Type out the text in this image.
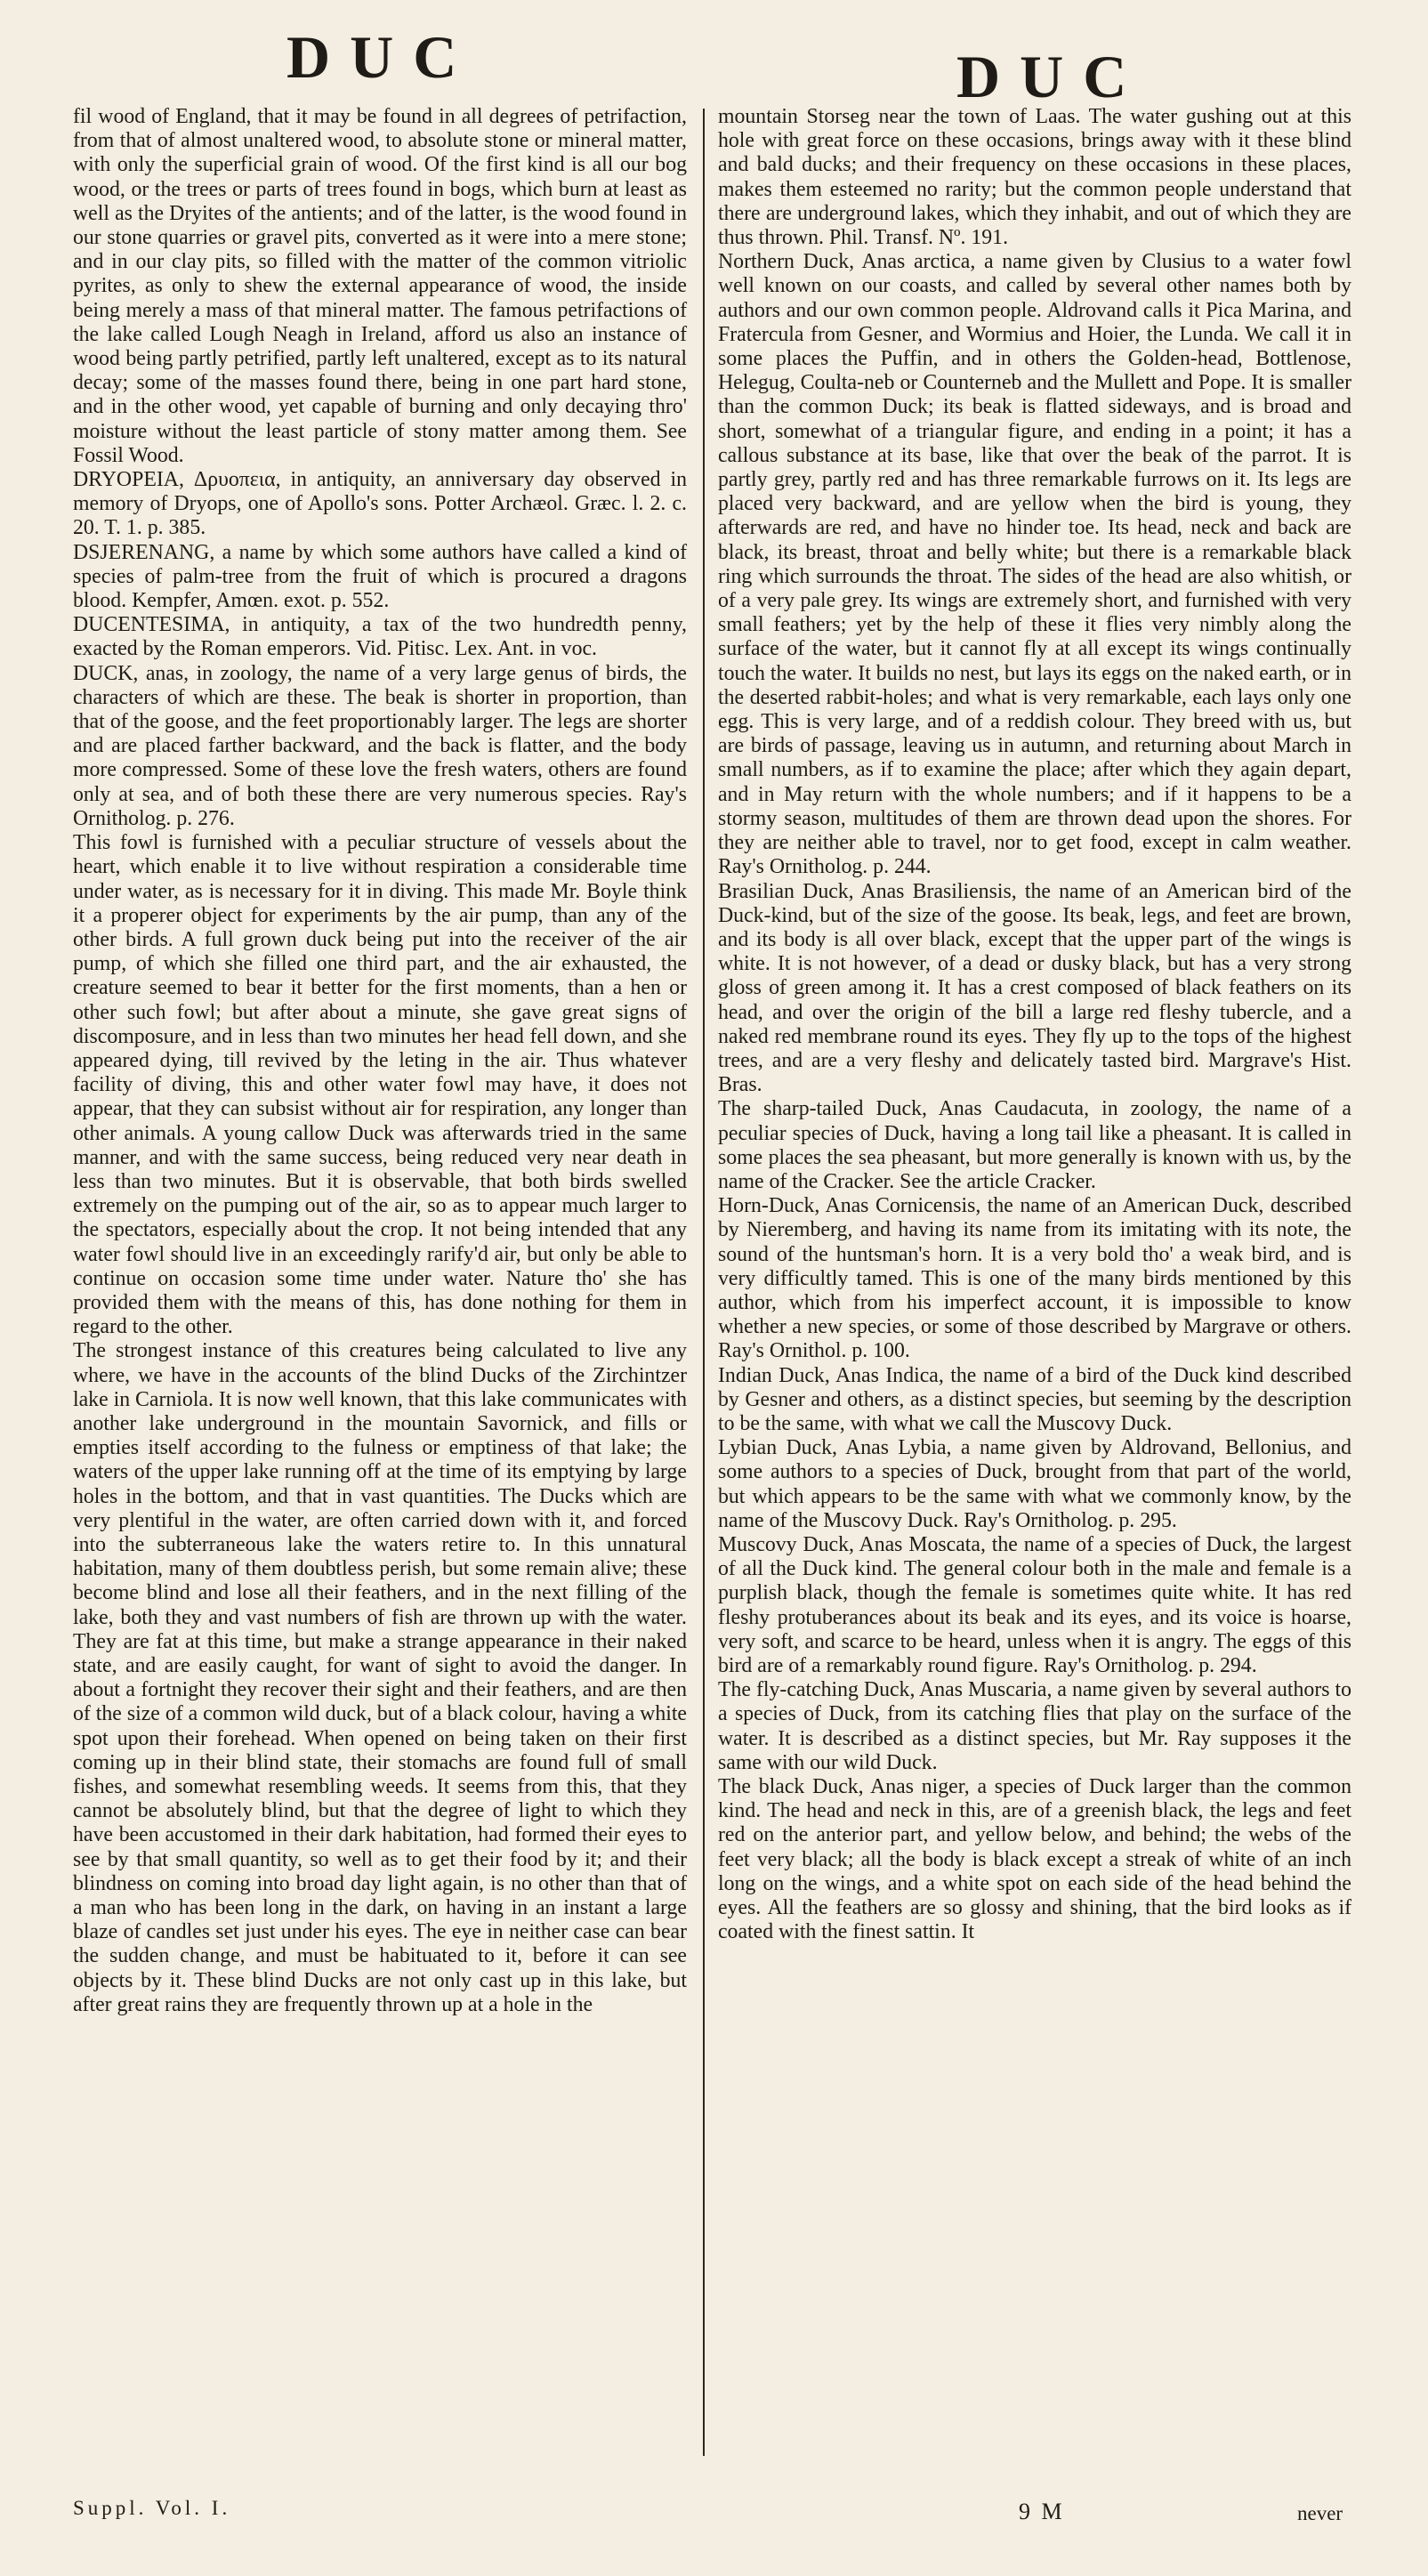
DUC	DUC

fil wood of England, that it may be found in all degrees of petrifaction, from that of almost unaltered wood, to absolute stone or mineral matter, with only the superficial grain of wood. Of the first kind is all our bog wood, or the trees or parts of trees found in bogs, which burn at least as well as the Dryites of the antients; and of the latter, is the wood found in our stone quarries or gravel pits, converted as it were into a mere stone; and in our clay pits, so filled with the matter of the common vitriolic pyrites, as only to shew the external appearance of wood, the inside being merely a mass of that mineral matter. The famous petrifactions of the lake called Lough Neagh in Ireland, afford us also an instance of wood being partly petrified, partly left unaltered, except as to its natural decay; some of the masses found there, being in one part hard stone, and in the other wood, yet capable of burning and only decaying thro' moisture without the least particle of stony matter among them. See Fossil Wood.

DRYOPEIA, Δρυοπεια, in antiquity, an anniversary day observed in memory of Dryops, one of Apollo's sons. Potter Archæol. Græc. l. 2. c. 20. T. 1. p. 385.

DSJERENANG, a name by which some authors have called a kind of species of palm-tree from the fruit of which is procured a dragons blood. Kempfer, Amœn. exot. p. 552.

DUCENTESIMA, in antiquity, a tax of the two hundredth penny, exacted by the Roman emperors. Vid. Pitisc. Lex. Ant. in voc.

DUCK, anas, in zoology, the name of a very large genus of birds, the characters of which are these. The beak is shorter in proportion, than that of the goose, and the feet proportionably larger. The legs are shorter and are placed farther backward, and the back is flatter, and the body more compressed. Some of these love the fresh waters, others are found only at sea, and of both these there are very numerous species. Ray's Ornitholog. p. 276.

This fowl is furnished with a peculiar structure of vessels about the heart, which enable it to live without respiration a considerable time under water, as is necessary for it in diving. This made Mr. Boyle think it a properer object for experiments by the air pump, than any of the other birds. A full grown duck being put into the receiver of the air pump, of which she filled one third part, and the air exhausted, the creature seemed to bear it better for the first moments, than a hen or other such fowl; but after about a minute, she gave great signs of discomposure, and in less than two minutes her head fell down, and she appeared dying, till revived by the leting in the air. Thus whatever facility of diving, this and other water fowl may have, it does not appear, that they can subsist without air for respiration, any longer than other animals. A young callow Duck was afterwards tried in the same manner, and with the same success, being reduced very near death in less than two minutes. But it is observable, that both birds swelled extremely on the pumping out of the air, so as to appear much larger to the spectators, especially about the crop. It not being intended that any water fowl should live in an exceedingly rarify'd air, but only be able to continue on occasion some time under water. Nature tho' she has provided them with the means of this, has done nothing for them in regard to the other.

The strongest instance of this creatures being calculated to live any where, we have in the accounts of the blind Ducks of the Zirchintzer lake in Carniola. It is now well known, that this lake communicates with another lake underground in the mountain Savornick, and fills or empties itself according to the fulness or emptiness of that lake; the waters of the upper lake running off at the time of its emptying by large holes in the bottom, and that in vast quantities. The Ducks which are very plentiful in the water, are often carried down with it, and forced into the subterraneous lake the waters retire to. In this unnatural habitation, many of them doubtless perish, but some remain alive; these become blind and lose all their feathers, and in the next filling of the lake, both they and vast numbers of fish are thrown up with the water. They are fat at this time, but make a strange appearance in their naked state, and are easily caught, for want of sight to avoid the danger. In about a fortnight they recover their sight and their feathers, and are then of the size of a common wild duck, but of a black colour, having a white spot upon their forehead. When opened on being taken on their first coming up in their blind state, their stomachs are found full of small fishes, and somewhat resembling weeds. It seems from this, that they cannot be absolutely blind, but that the degree of light to which they have been accustomed in their dark habitation, had formed their eyes to see by that small quantity, so well as to get their food by it; and their blindness on coming into broad day light again, is no other than that of a man who has been long in the dark, on having in an instant a large blaze of candles set just under his eyes. The eye in neither case can bear the sudden change, and must be habituated to it, before it can see objects by it. These blind Ducks are not only cast up in this lake, but after great rains they are frequently thrown up at a hole in the

mountain Storseg near the town of Laas. The water gushing out at this hole with great force on these occasions, brings away with it these blind and bald ducks; and their frequency on these occasions in these places, makes them esteemed no rarity; but the common people understand that there are underground lakes, which they inhabit, and out of which they are thus thrown. Phil. Transf. Nº. 191.

Northern Duck, Anas arctica, a name given by Clusius to a water fowl well known on our coasts, and called by several other names both by authors and our own common people. Aldrovand calls it Pica Marina, and Fratercula from Gesner, and Wormius and Hoier, the Lunda. We call it in some places the Puffin, and in others the Golden-head, Bottlenose, Helegug, Coulta-neb or Counterneb and the Mullett and Pope. It is smaller than the common Duck; its beak is flatted sideways, and is broad and short, somewhat of a triangular figure, and ending in a point; it has a callous substance at its base, like that over the beak of the parrot. It is partly grey, partly red and has three remarkable furrows on it. Its legs are placed very backward, and are yellow when the bird is young, they afterwards are red, and have no hinder toe. Its head, neck and back are black, its breast, throat and belly white; but there is a remarkable black ring which surrounds the throat. The sides of the head are also whitish, or of a very pale grey. Its wings are extremely short, and furnished with very small feathers; yet by the help of these it flies very nimbly along the surface of the water, but it cannot fly at all except its wings continually touch the water. It builds no nest, but lays its eggs on the naked earth, or in the deserted rabbit-holes; and what is very remarkable, each lays only one egg. This is very large, and of a reddish colour. They breed with us, but are birds of passage, leaving us in autumn, and returning about March in small numbers, as if to examine the place; after which they again depart, and in May return with the whole numbers; and if it happens to be a stormy season, multitudes of them are thrown dead upon the shores. For they are neither able to travel, nor to get food, except in calm weather. Ray's Ornitholog. p. 244.

Brasilian Duck, Anas Brasiliensis, the name of an American bird of the Duck-kind, but of the size of the goose. Its beak, legs, and feet are brown, and its body is all over black, except that the upper part of the wings is white. It is not however, of a dead or dusky black, but has a very strong gloss of green among it. It has a crest composed of black feathers on its head, and over the origin of the bill a large red fleshy tubercle, and a naked red membrane round its eyes. They fly up to the tops of the highest trees, and are a very fleshy and delicately tasted bird. Margrave's Hist. Bras.

The sharp-tailed Duck, Anas Caudacuta, in zoology, the name of a peculiar species of Duck, having a long tail like a pheasant. It is called in some places the sea pheasant, but more generally is known with us, by the name of the Cracker. See the article Cracker.

Horn-Duck, Anas Cornicensis, the name of an American Duck, described by Nieremberg, and having its name from its imitating with its note, the sound of the huntsman's horn. It is a very bold tho' a weak bird, and is very difficultly tamed. This is one of the many birds mentioned by this author, which from his imperfect account, it is impossible to know whether a new species, or some of those described by Margrave or others. Ray's Ornithol. p. 100.

Indian Duck, Anas Indica, the name of a bird of the Duck kind described by Gesner and others, as a distinct species, but seeming by the description to be the same, with what we call the Muscovy Duck.

Lybian Duck, Anas Lybia, a name given by Aldrovand, Bellonius, and some authors to a species of Duck, brought from that part of the world, but which appears to be the same with what we commonly know, by the name of the Muscovy Duck. Ray's Ornitholog. p. 295.

Muscovy Duck, Anas Moscata, the name of a species of Duck, the largest of all the Duck kind. The general colour both in the male and female is a purplish black, though the female is sometimes quite white. It has red fleshy protuberances about its beak and its eyes, and its voice is hoarse, very soft, and scarce to be heard, unless when it is angry. The eggs of this bird are of a remarkably round figure. Ray's Ornitholog. p. 294.

The fly-catching Duck, Anas Muscaria, a name given by several authors to a species of Duck, from its catching flies that play on the surface of the water. It is described as a distinct species, but Mr. Ray supposes it the same with our wild Duck.

The black Duck, Anas niger, a species of Duck larger than the common kind. The head and neck in this, are of a greenish black, the legs and feet red on the anterior part, and yellow below, and behind; the webs of the feet very black; all the body is black except a streak of white of an inch long on the wings, and a white spot on each side of the head behind the eyes. All the feathers are so glossy and shining, that the bird looks as if coated with the finest sattin. It

Suppl. Vol. I.	9 M	never
